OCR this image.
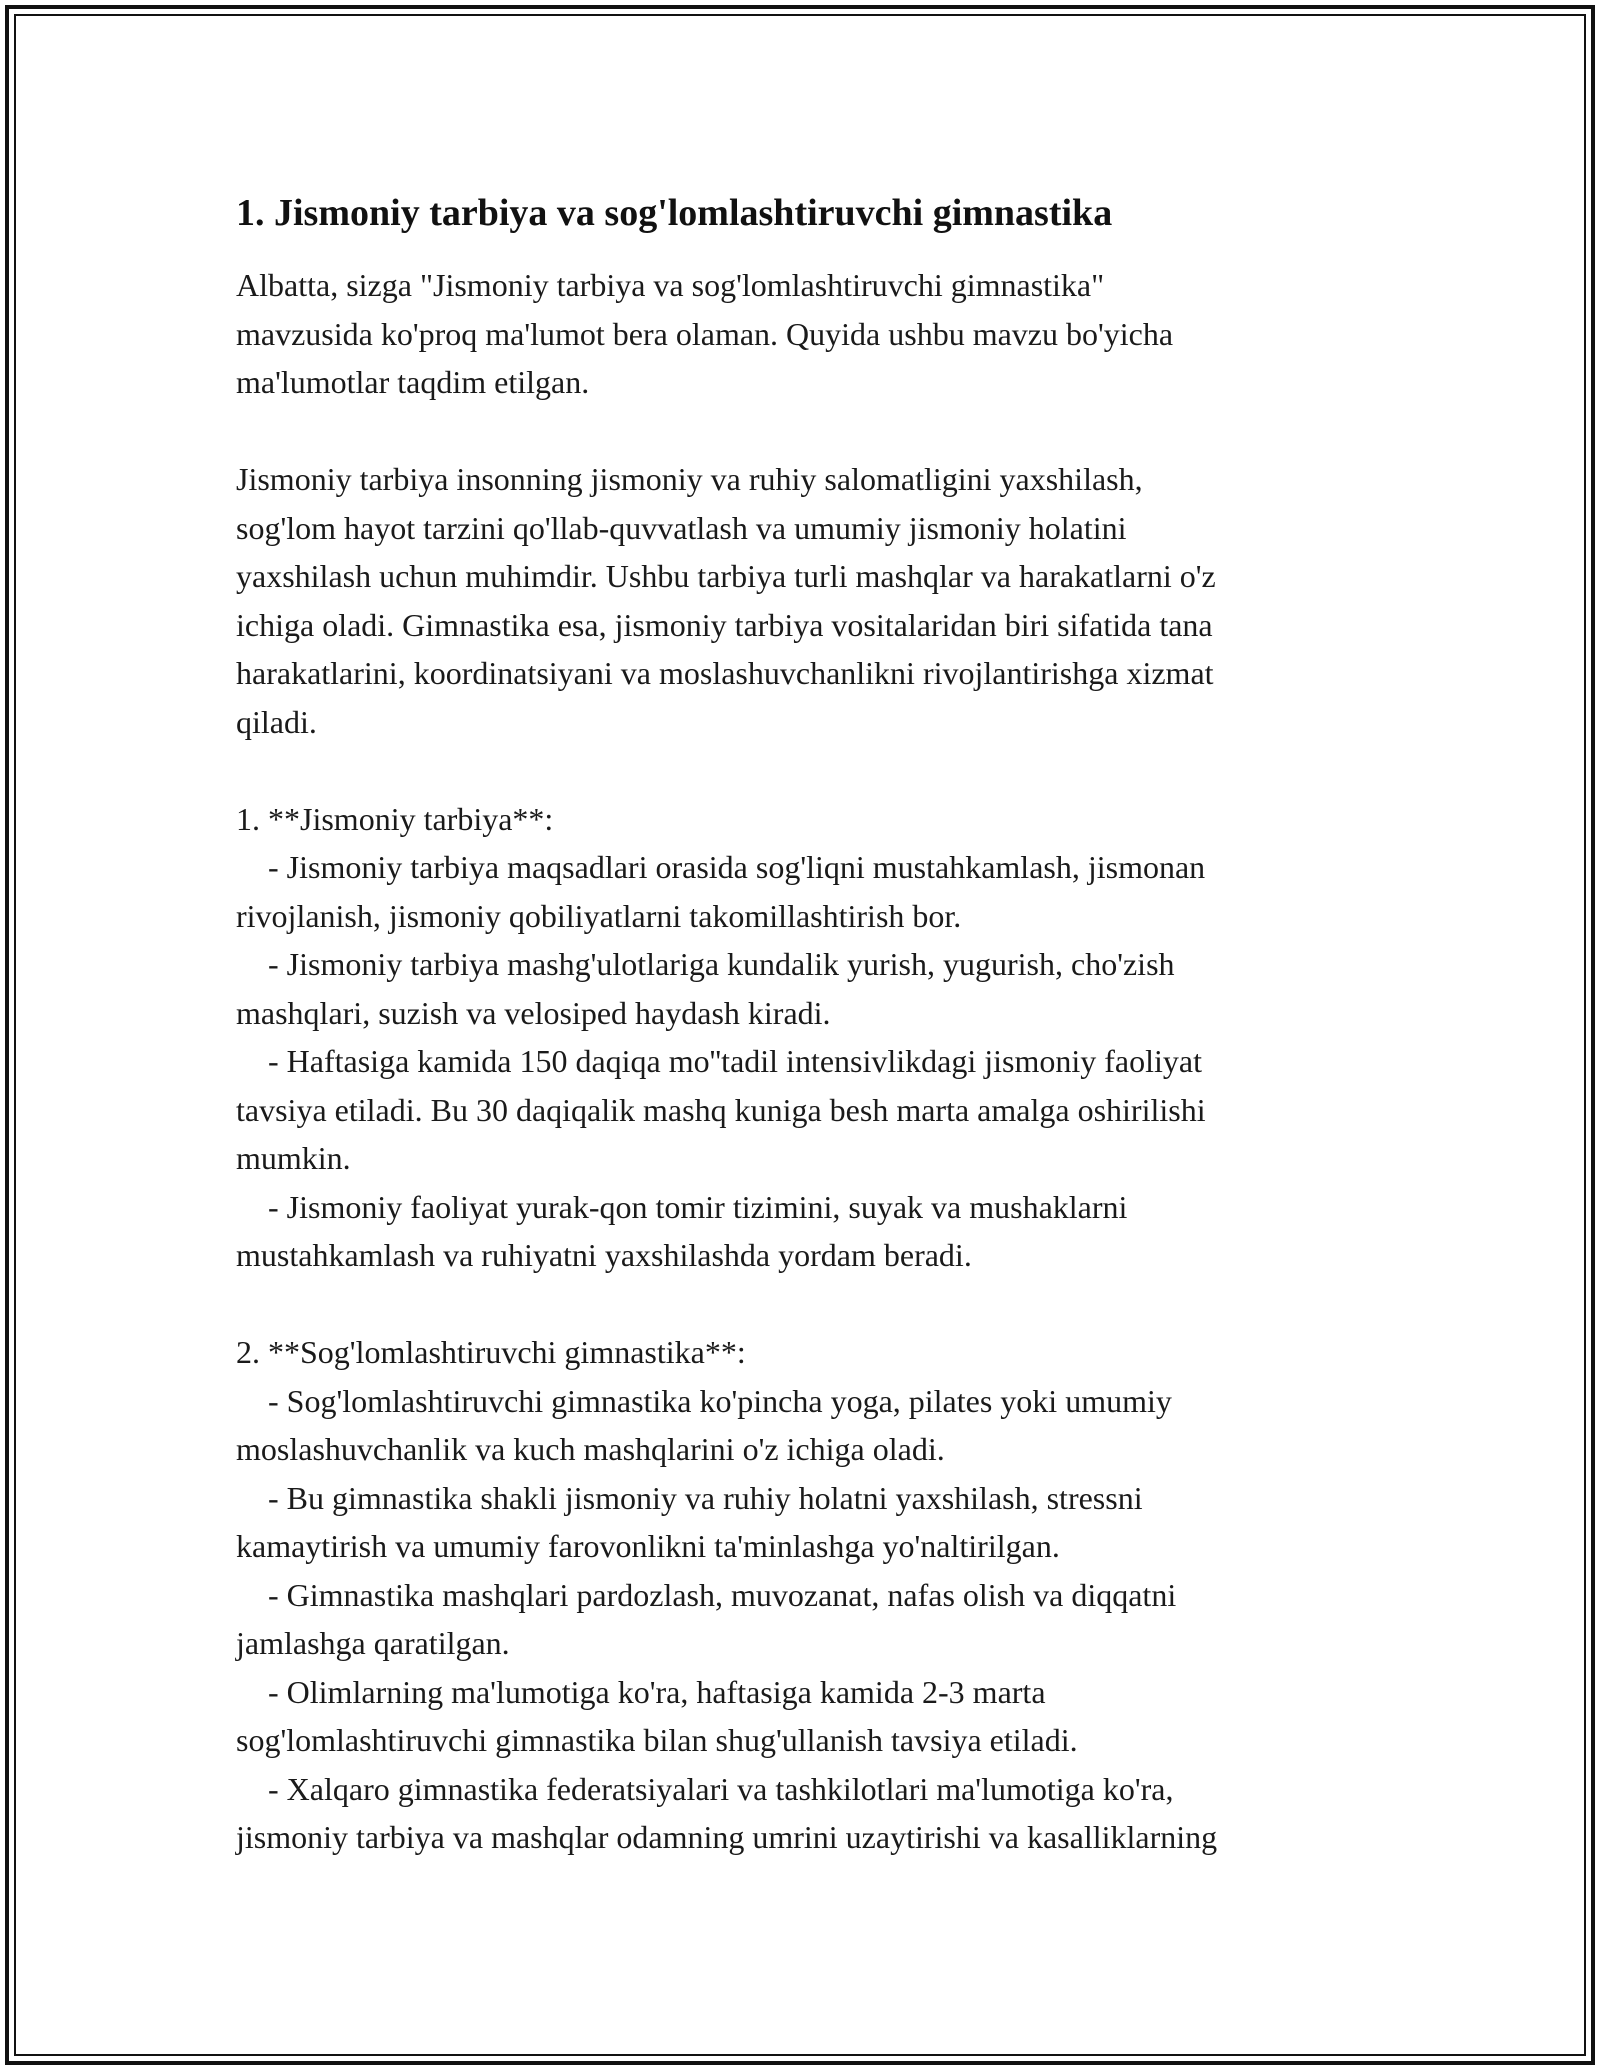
1. Jismoniy tarbiya va sog'lomlashtiruvchi gimnastika

Albatta, sizga "Jismoniy tarbiya va sog'lomlashtiruvchi gimnastika"

mavzusida ko'proq ma'lumot bera olaman. Quyida ushbu mavzu bo'yicha

ma'lumotlar taqdim etilgan.

Jismoniy tarbiya insonning jismoniy va ruhiy salomatligini yaxshilash,

sog'lom hayot tarzini qo'llab-quvvatlash va umumiy jismoniy holatini

yaxshilash uchun muhimdir. Ushbu tarbiya turli mashqlar va harakatlarni o'z

ichiga oladi. Gimnastika esa, jismoniy tarbiya vositalaridan biri sifatida tana

harakatlarini, koordinatsiyani va moslashuvchanlikni rivojlantirishga xizmat

qiladi.

1. **Jismoniy tarbiya**:

- Jismoniy tarbiya maqsadlari orasida sog'liqni mustahkamlash, jismonan

rivojlanish, jismoniy qobiliyatlarni takomillashtirish bor.

- Jismoniy tarbiya mashg'ulotlariga kundalik yurish, yugurish, cho'zish

mashqlari, suzish va velosiped haydash kiradi.

- Haftasiga kamida 150 daqiqa mo''tadil intensivlikdagi jismoniy faoliyat

tavsiya etiladi. Bu 30 daqiqalik mashq kuniga besh marta amalga oshirilishi

mumkin.

- Jismoniy faoliyat yurak-qon tomir tizimini, suyak va mushaklarni

mustahkamlash va ruhiyatni yaxshilashda yordam beradi.

2. **Sog'lomlashtiruvchi gimnastika**:

- Sog'lomlashtiruvchi gimnastika ko'pincha yoga, pilates yoki umumiy

moslashuvchanlik va kuch mashqlarini o'z ichiga oladi.

- Bu gimnastika shakli jismoniy va ruhiy holatni yaxshilash, stressni

kamaytirish va umumiy farovonlikni ta'minlashga yo'naltirilgan.

- Gimnastika mashqlari pardozlash, muvozanat, nafas olish va diqqatni

jamlashga qaratilgan.

- Olimlarning ma'lumotiga ko'ra, haftasiga kamida 2-3 marta

sog'lomlashtiruvchi gimnastika bilan shug'ullanish tavsiya etiladi.

- Xalqaro gimnastika federatsiyalari va tashkilotlari ma'lumotiga ko'ra,

jismoniy tarbiya va mashqlar odamning umrini uzaytirishi va kasalliklarning
